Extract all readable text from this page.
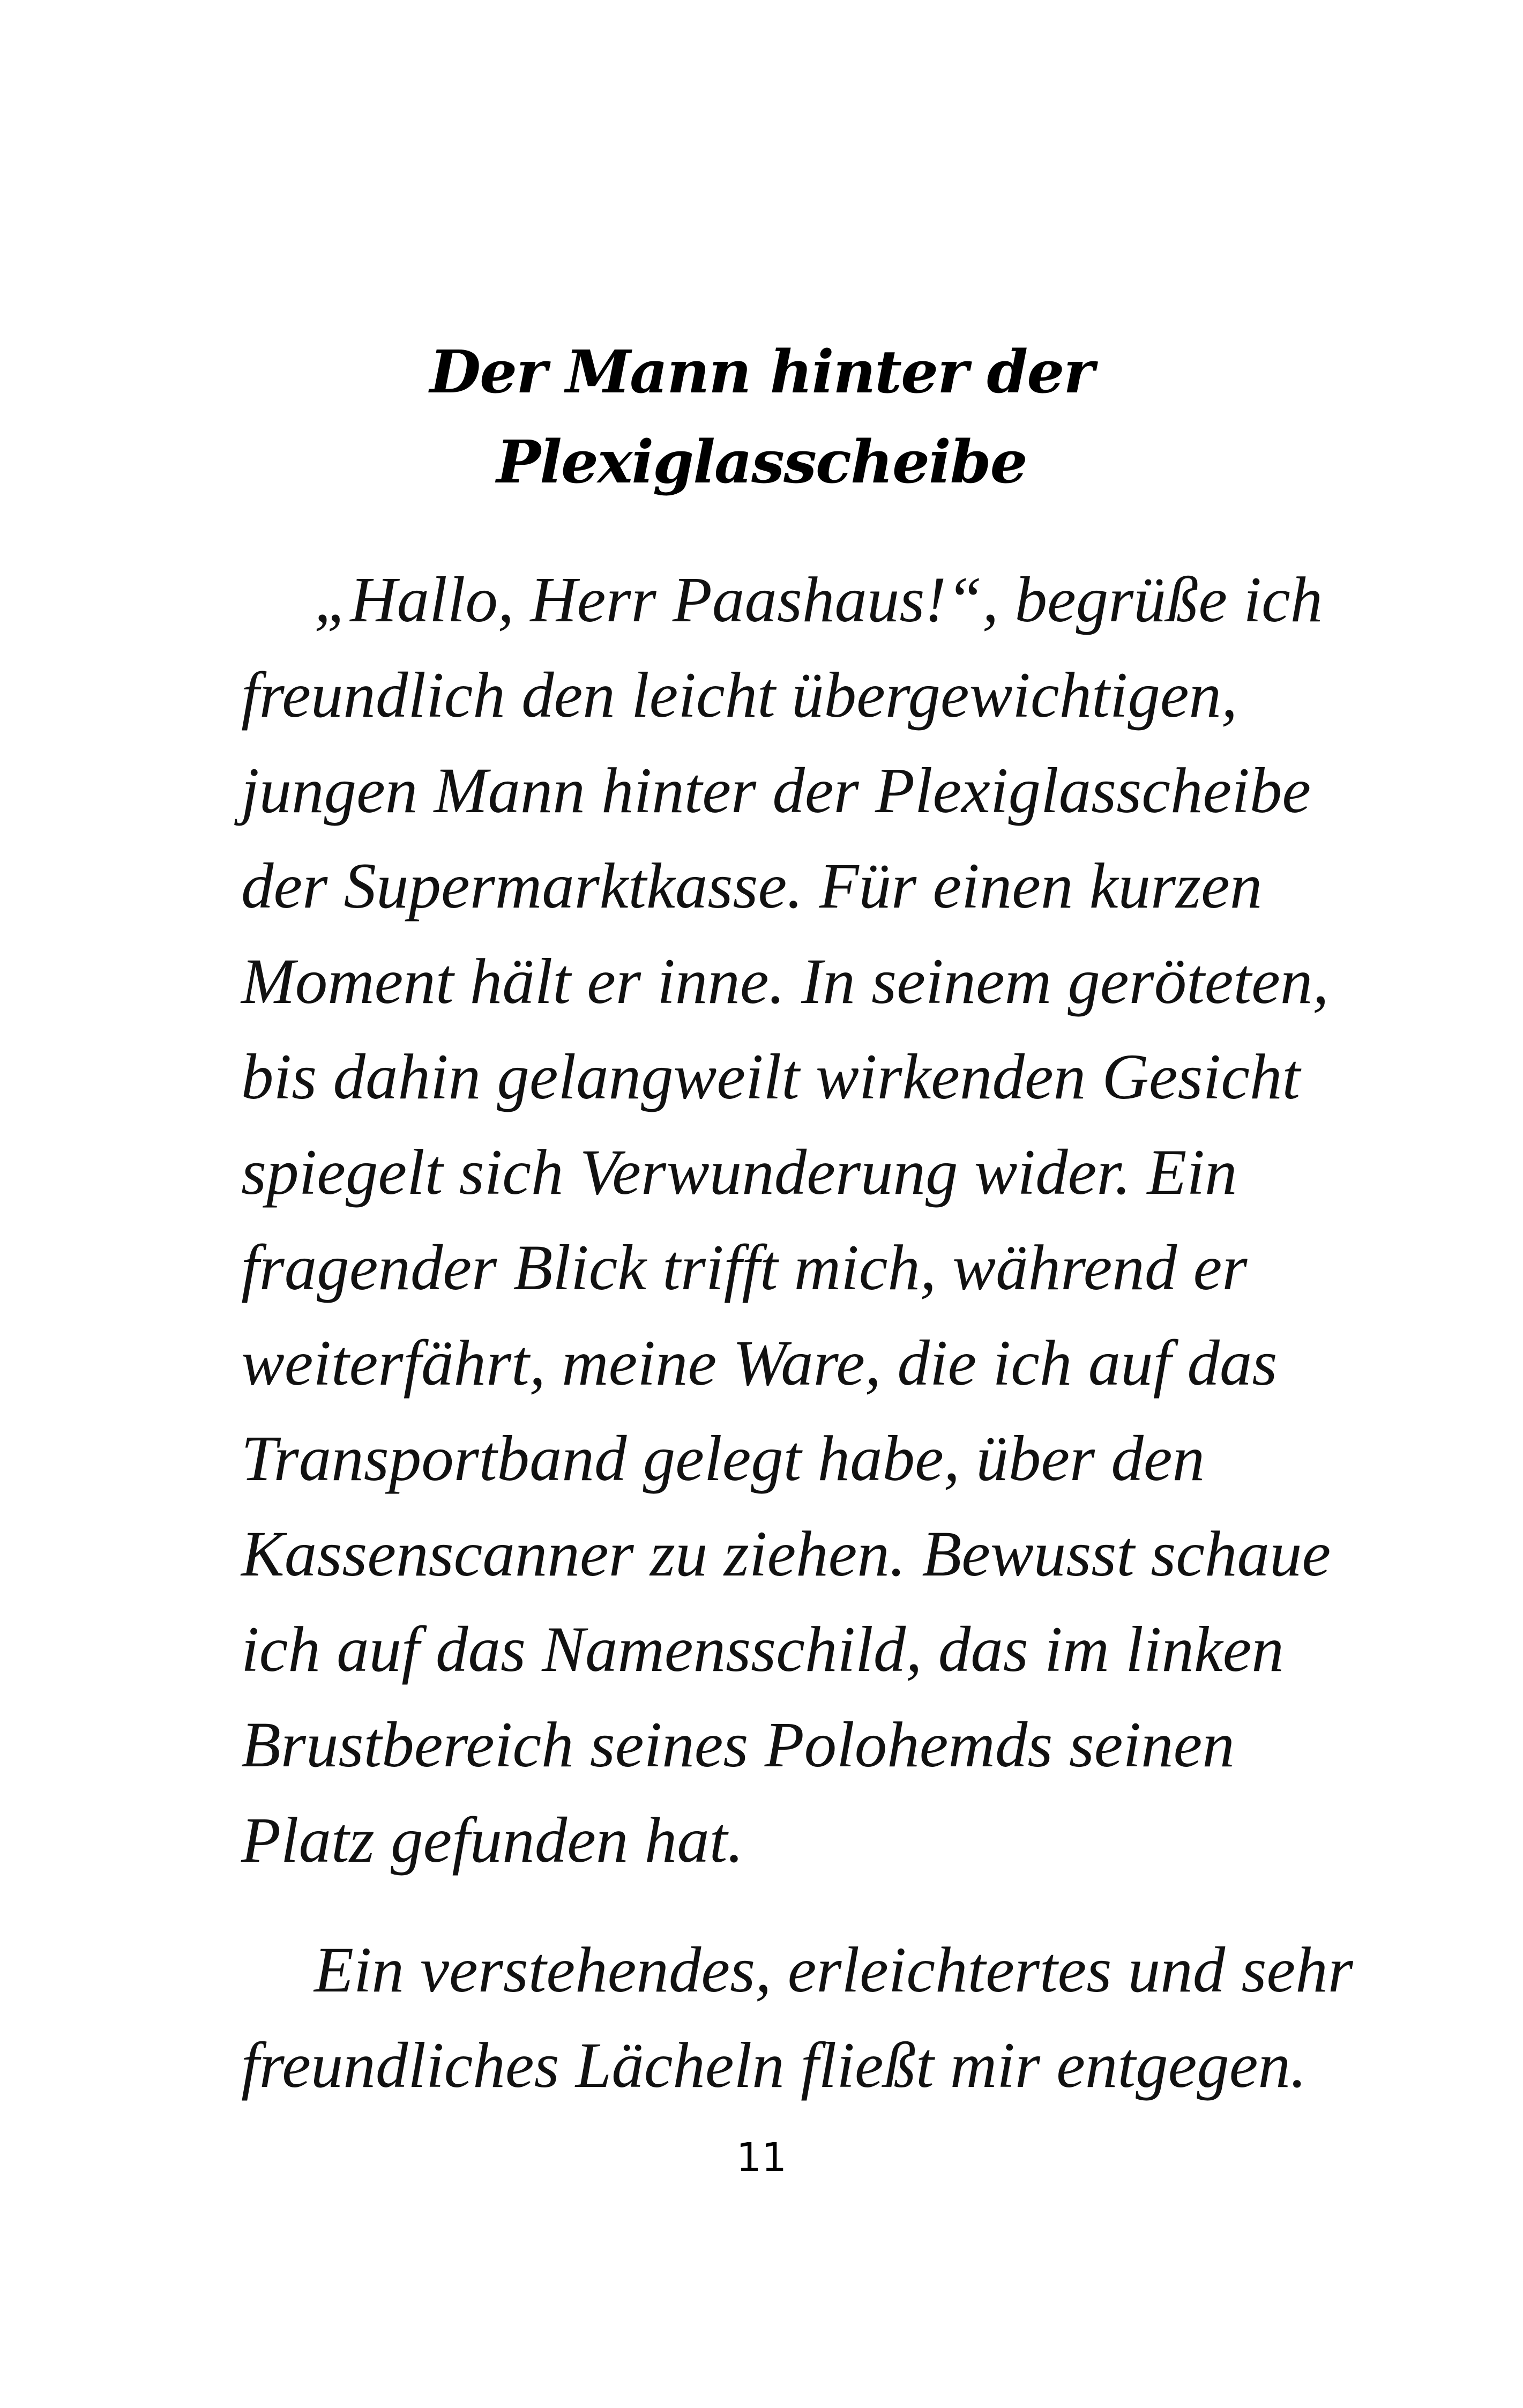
Der Mann hinter der
Plexiglasscheibe

„Hallo, Herr Paashaus!“, begrüße ich
freundlich den leicht übergewichtigen,
jungen Mann hinter der Plexiglasscheibe
der Supermarktkasse. Für einen kurzen
Moment hält er inne. In seinem geröteten,
bis dahin gelangweilt wirkenden Gesicht
spiegelt sich Verwunderung wider. Ein
fragender Blick trifft mich, während er
weiterfährt, meine Ware, die ich auf das
Transportband gelegt habe, über den
Kassenscanner zu ziehen. Bewusst schaue
ich auf das Namensschild, das im linken
Brustbereich seines Polohemds seinen
Platz gefunden hat.

Ein verstehendes, erleichtertes und sehr
freundliches Lächeln fließt mir entgegen.

11
